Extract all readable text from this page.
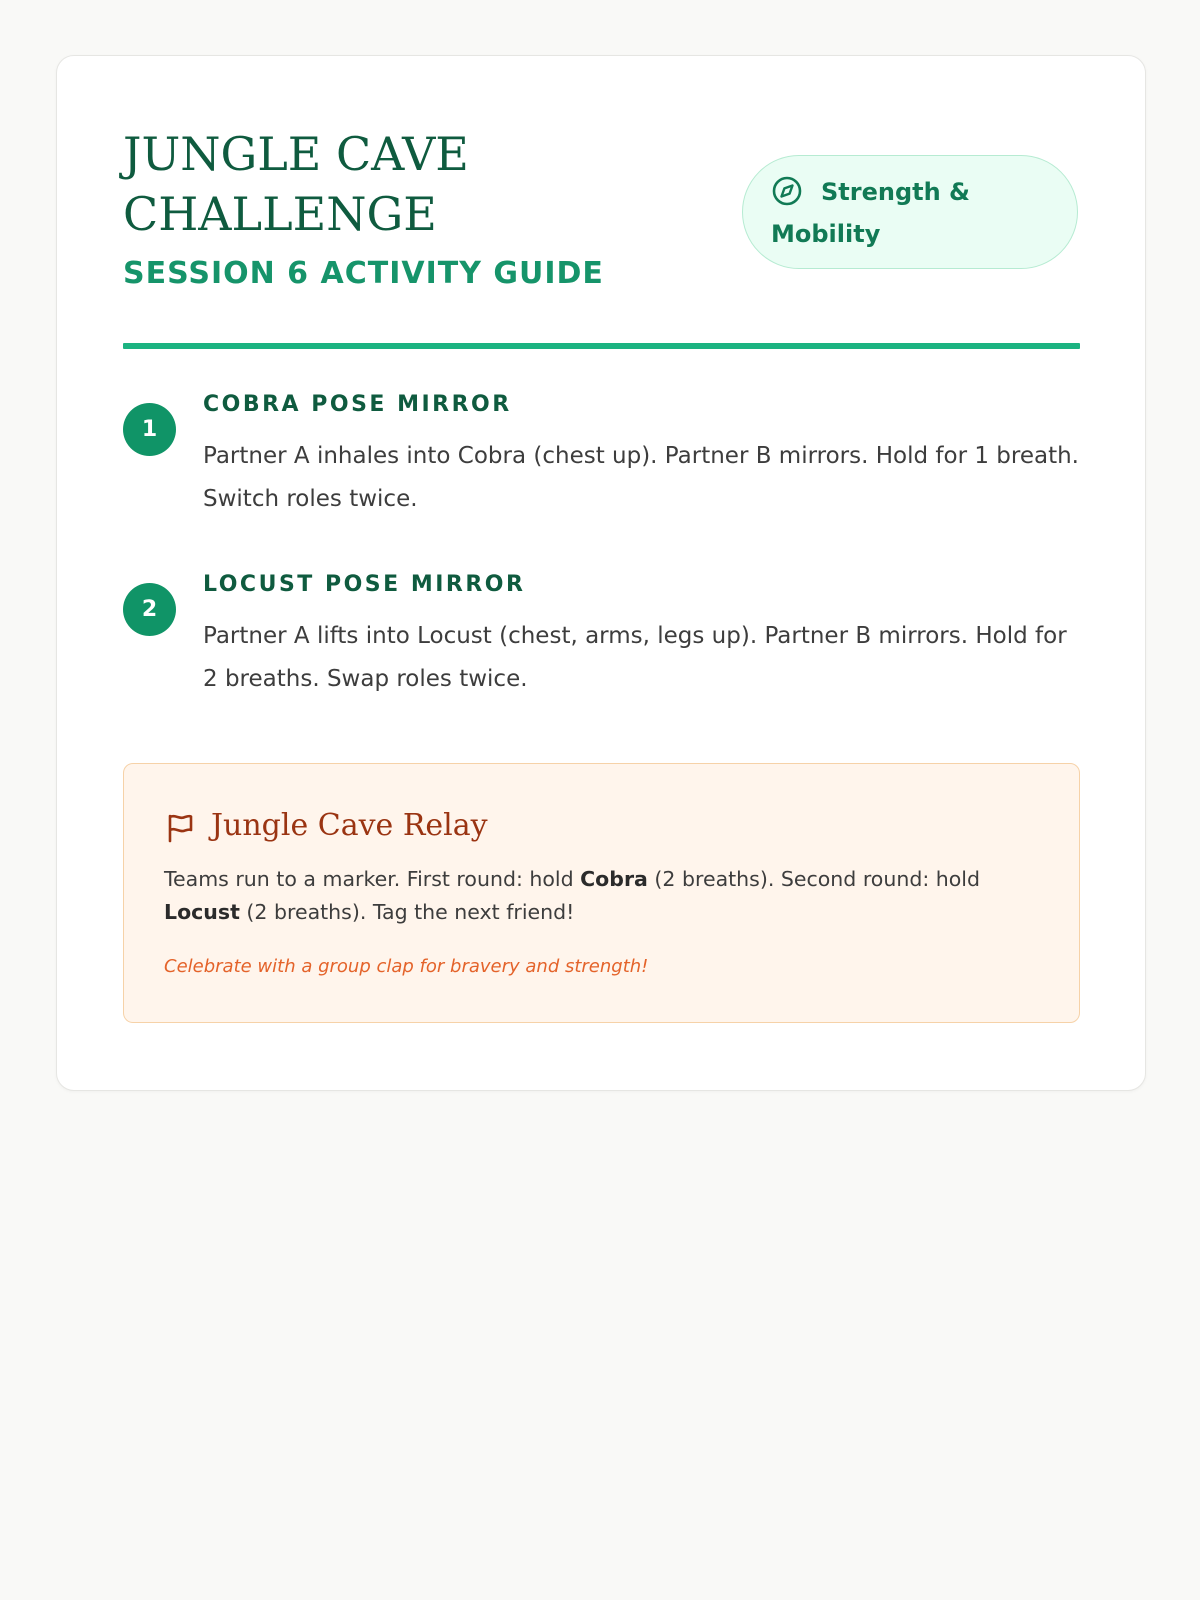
JUNGLE CAVE CHALLENGE
SESSION 6 ACTIVITY GUIDE
Strength & Mobility
1
COBRA POSE MIRROR

Partner A inhales into Cobra (chest up). Partner B mirrors. Hold for 1 breath. Switch roles twice.

2
LOCUST POSE MIRROR

Partner A lifts into Locust (chest, arms, legs up). Partner B mirrors. Hold for 2 breaths. Swap roles twice.

Jungle Cave Relay

Teams run to a marker. First round: hold Cobra (2 breaths). Second round: hold Locust (2 breaths). Tag the next friend!

Celebrate with a group clap for bravery and strength!
